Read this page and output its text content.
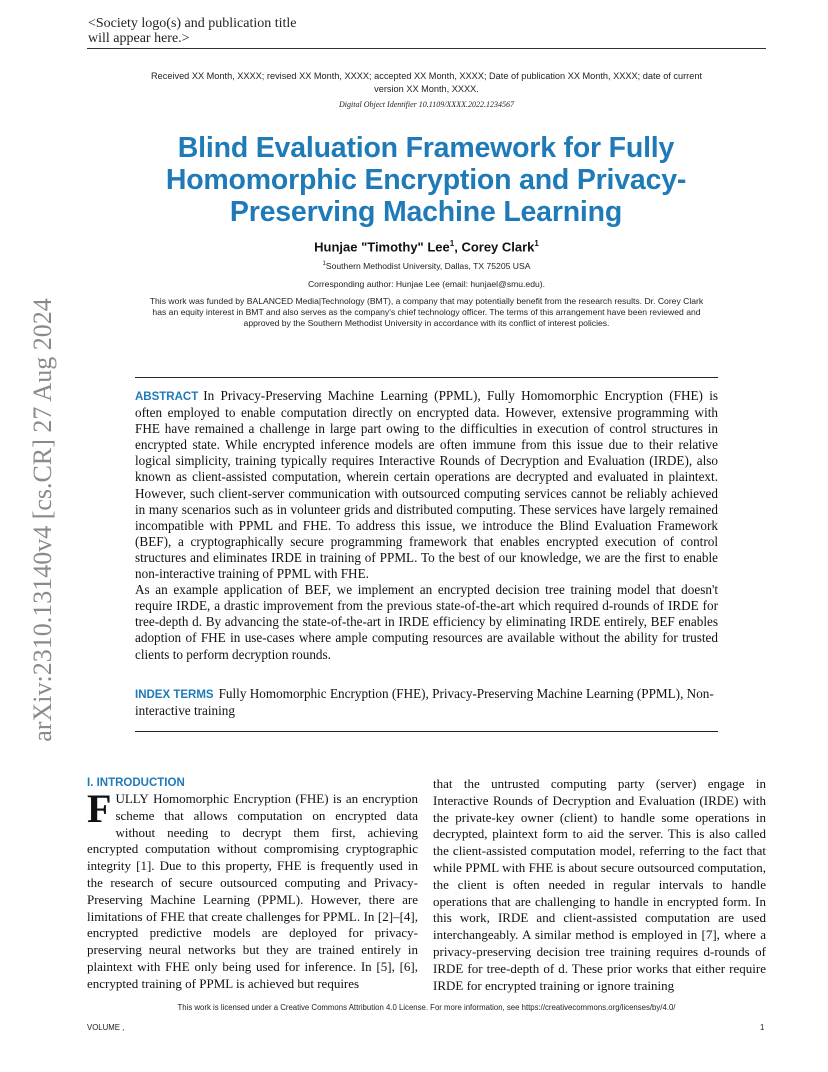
<Society logo(s) and publication title will appear here.>
Received XX Month, XXXX; revised XX Month, XXXX; accepted XX Month, XXXX; Date of publication XX Month, XXXX; date of current version XX Month, XXXX.
Digital Object Identifier 10.1109/XXXX.2022.1234567
Blind Evaluation Framework for Fully Homomorphic Encryption and Privacy-Preserving Machine Learning
Hunjae "Timothy" Lee$^1$, Corey Clark$^1$
$^1$Southern Methodist University, Dallas, TX 75205 USA
Corresponding author: Hunjae Lee (email: hunjael@smu.edu).
This work was funded by BALANCED Media|Technology (BMT), a company that may potentially benefit from the research results. Dr. Corey Clark has an equity interest in BMT and also serves as the company's chief technology officer. The terms of this arrangement have been reviewed and approved by the Southern Methodist University in accordance with its conflict of interest policies.
arXiv:2310.13140v4 [cs.CR] 27 Aug 2024	ABSTRACT In Privacy-Preserving Machine Learning (PPML), Fully Homomorphic Encryption (FHE) is often employed to enable computation directly on encrypted data. However, extensive programming with FHE have remained a challenge in large part owing to the difficulties in execution of control structures in encrypted state. While encrypted inference models are often immune from this issue due to their relative logical simplicity, training typically requires Interactive Rounds of Decryption and Evaluation (IRDE), also known as client-assisted computation, wherein certain operations are decrypted and evaluated in plaintext. However, such client-server communication with outsourced computing services cannot be reliably achieved in many scenarios such as in volunteer grids and distributed computing. These services have largely remained incompatible with PPML and FHE. To address this issue, we introduce the Blind Evaluation Framework (BEF), a cryptographically secure programming framework that enables encrypted execution of control structures and eliminates IRDE in training of PPML. To the best of our knowledge, we are the first to enable non-interactive training of PPML with FHE.

As an example application of BEF, we implement an encrypted decision tree training model that doesn't require IRDE, a drastic improvement from the previous state-of-the-art which required d-rounds of IRDE for tree-depth d. By advancing the state-of-the-art in IRDE efficiency by eliminating IRDE entirely, BEF enables adoption of FHE in use-cases where ample computing resources are available without the ability for trusted clients to perform decryption rounds.

INDEX TERMS Fully Homomorphic Encryption (FHE), Privacy-Preserving Machine Learning (PPML), Non-interactive training
I. INTRODUCTION
F ULLY Homomorphic Encryption (FHE) is an encryption scheme that allows computation on encrypted data without needing to decrypt them first, achieving encrypted computation without compromising cryptographic integrity [1]. Due to this property, FHE is frequently used in the research of secure outsourced computing and Privacy-Preserving Machine Learning (PPML). However, there are limitations of FHE that create challenges for PPML. In [2]–[4], encrypted predictive models are deployed for privacy-preserving neural networks but they are trained entirely in plaintext with FHE only being used for inference. In [5], [6], encrypted training of PPML is achieved but requires
that the untrusted computing party (server) engage in Interactive Rounds of Decryption and Evaluation (IRDE) with the private-key owner (client) to handle some operations in decrypted, plaintext form to aid the server. This is also called the client-assisted computation model, referring to the fact that while PPML with FHE is about secure outsourced computation, the client is often needed in regular intervals to handle operations that are challenging to handle in encrypted form. In this work, IRDE and client-assisted computation are used interchangeably. A similar method is employed in [7], where a privacy-preserving decision tree training requires d-rounds of IRDE for tree-depth of d. These prior works that either require IRDE for encrypted training or ignore training
This work is licensed under a Creative Commons Attribution 4.0 License. For more information, see https://creativecommons.org/licenses/by/4.0/
VOLUME ,	1
